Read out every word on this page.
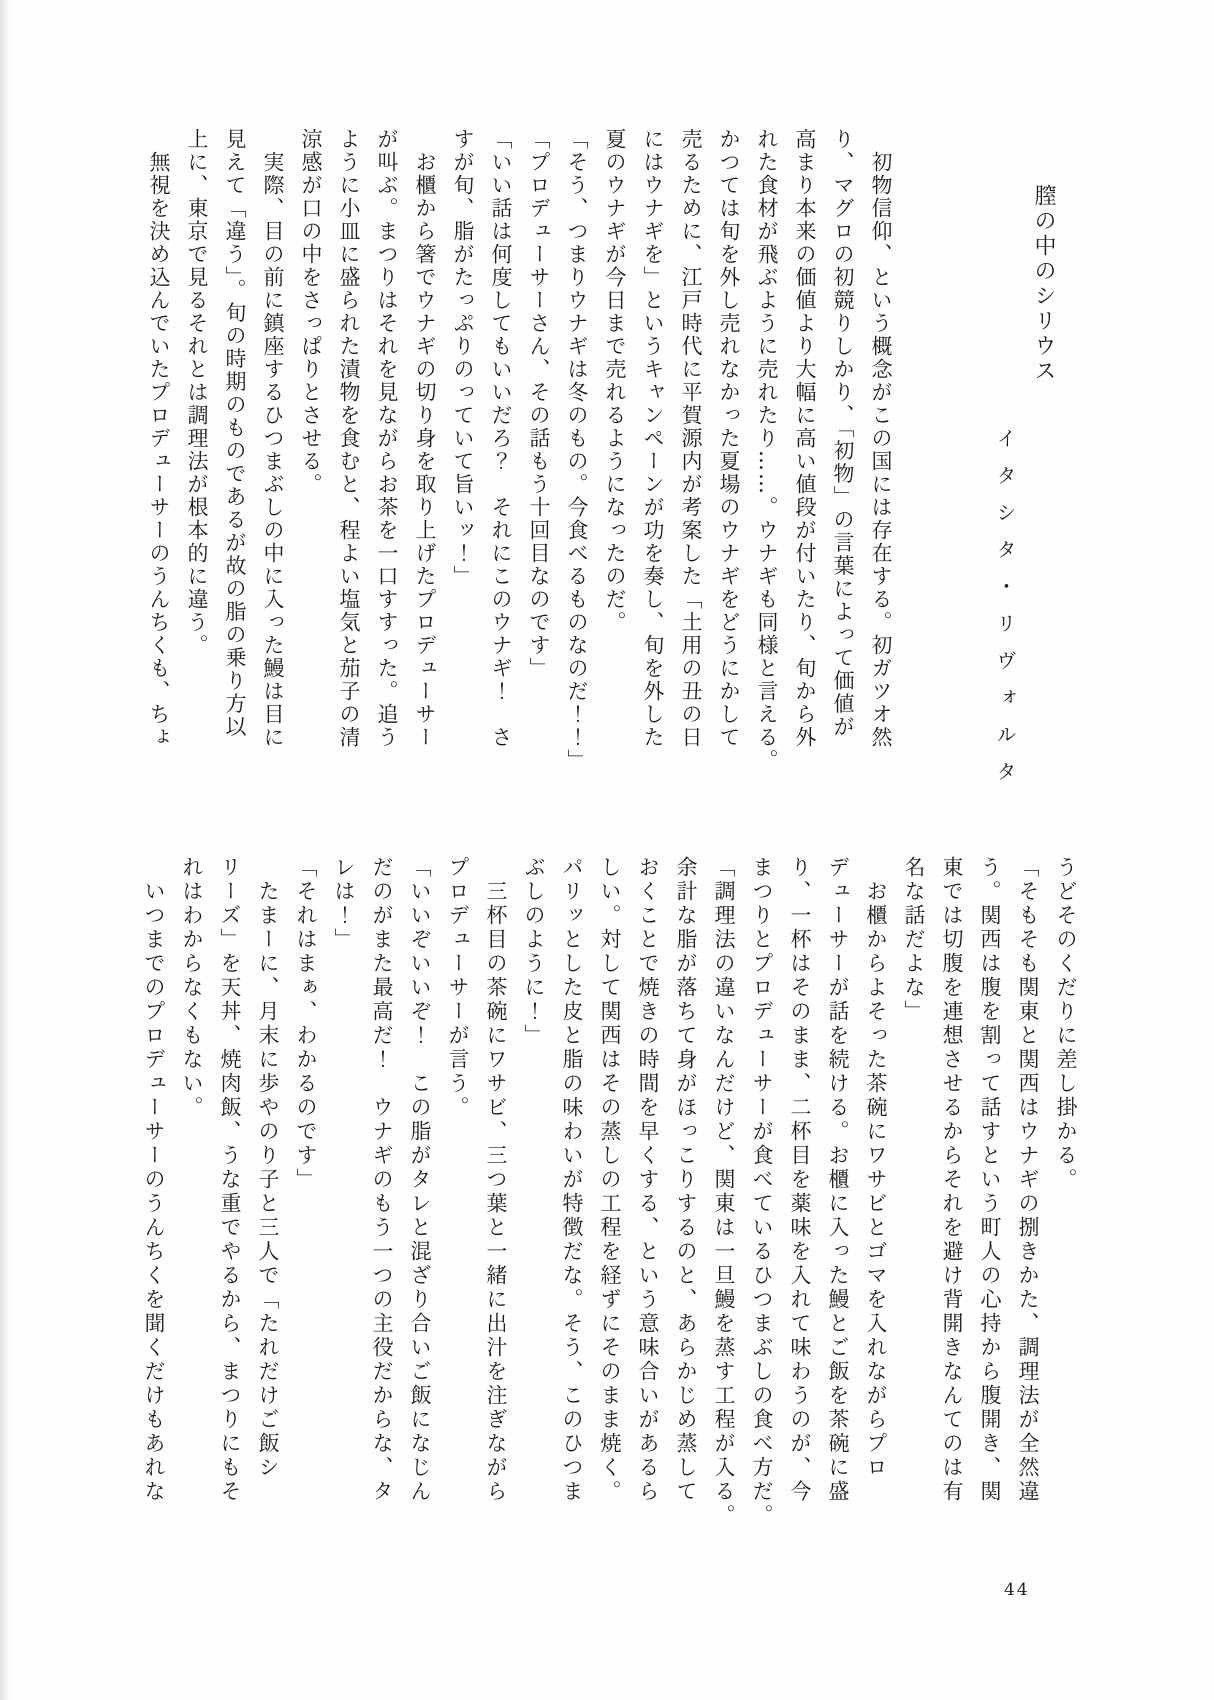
膣の中のシリウス
イタシタ・リヴォルタ
　初物信仰、という概念がこの国には存在する。初ガツオ然
り、マグロの初競りしかり、「初物」の言葉によって価値が
高まり本来の価値より大幅に高い値段が付いたり、旬から外
れた食材が飛ぶように売れたり……。ウナギも同様と言える。
かつては旬を外し売れなかった夏場のウナギをどうにかして
売るために、江戸時代に平賀源内が考案した「土用の丑の日
にはウナギを」というキャンペーンが功を奏し、旬を外した
夏のウナギが今日まで売れるようになったのだ。
「そう、つまりウナギは冬のもの。今食べるものなのだ！！」
「プロデューサーさん、その話もう十回目なのです」
「いい話は何度してもいいだろ？　それにこのウナギ！　さ
すが旬、脂がたっぷりのっていて旨いッ！」
　お櫃から箸でウナギの切り身を取り上げたプロデューサー
が叫ぶ。まつりはそれを見ながらお茶を一口すすった。追う
ように小皿に盛られた漬物を食むと、程よい塩気と茄子の清
涼感が口の中をさっぱりとさせる。
　実際、目の前に鎮座するひつまぶしの中に入った鰻は目に
見えて「違う」。旬の時期のものであるが故の脂の乗り方以
上に、東京で見るそれとは調理法が根本的に違う。
　無視を決め込んでいたプロデューサーのうんちくも、ちょ
うどそのくだりに差し掛かる。
「そもそも関東と関西はウナギの捌きかた、調理法が全然違
う。関西は腹を割って話すという町人の心持から腹開き、関
東では切腹を連想させるからそれを避け背開きなんてのは有
名な話だよな」
　お櫃からよそった茶碗にワサビとゴマを入れながらプロ
デューサーが話を続ける。お櫃に入った鰻とご飯を茶碗に盛
り、一杯はそのまま、二杯目を薬味を入れて味わうのが、今
まつりとプロデューサーが食べているひつまぶしの食べ方だ。
「調理法の違いなんだけど、関東は一旦鰻を蒸す工程が入る。
余計な脂が落ちて身がほっこりするのと、あらかじめ蒸して
おくことで焼きの時間を早くする、という意味合いがあるら
しい。対して関西はその蒸しの工程を経ずにそのまま焼く。
パリッとした皮と脂の味わいが特徴だな。そう、このひつま
ぶしのように！」
　三杯目の茶碗にワサビ、三つ葉と一緒に出汁を注ぎながら
プロデューサーが言う。
「いいぞいいぞ！　この脂がタレと混ざり合いご飯になじん
だのがまた最高だ！　ウナギのもう一つの主役だからな、タ
レは！」
「それはまぁ、わかるのです」
　たまーに、月末に歩やのり子と三人で「たれだけご飯シ
リーズ」を天丼、焼肉飯、うな重でやるから、まつりにもそ
れはわからなくもない。
　いつまでのプロデューサーのうんちくを聞くだけもあれな
44
